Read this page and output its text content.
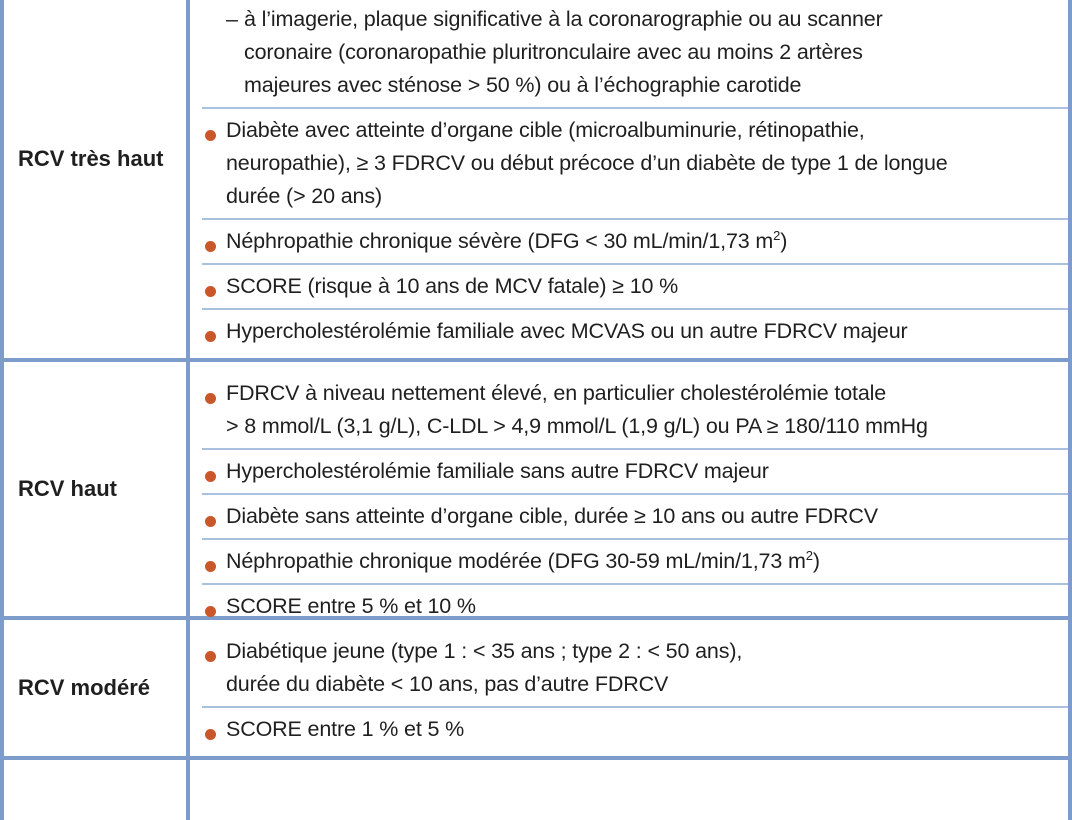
RCV très haut
– à l’imagerie, plaque significative à la coronarographie ou au scanner
coronaire (coronaropathie pluritronculaire avec au moins 2 artères
majeures avec sténose > 50 %) ou à l’échographie carotide
Diabète avec atteinte d’organe cible (microalbuminurie, rétinopathie,
neuropathie), ≥ 3 FDRCV ou début précoce d’un diabète de type 1 de longue
durée (> 20 ans)
Néphropathie chronique sévère (DFG < 30 mL/min/1,73 $m^2$)
SCORE (risque à 10 ans de MCV fatale) ≥ 10 %
Hypercholestérolémie familiale avec MCVAS ou un autre FDRCV majeur
RCV haut
FDRCV à niveau nettement élevé, en particulier cholestérolémie totale
> 8 mmol/L (3,1 g/L), C-LDL > 4,9 mmol/L (1,9 g/L) ou PA ≥ 180/110 mmHg
Hypercholestérolémie familiale sans autre FDRCV majeur
Diabète sans atteinte d’organe cible, durée ≥ 10 ans ou autre FDRCV
Néphropathie chronique modérée (DFG 30-59 mL/min/1,73 $m^2$)
SCORE entre 5 % et 10 %
RCV modéré
Diabétique jeune (type 1 : < 35 ans ; type 2 : < 50 ans),
durée du diabète < 10 ans, pas d’autre FDRCV
SCORE entre 1 % et 5 %
